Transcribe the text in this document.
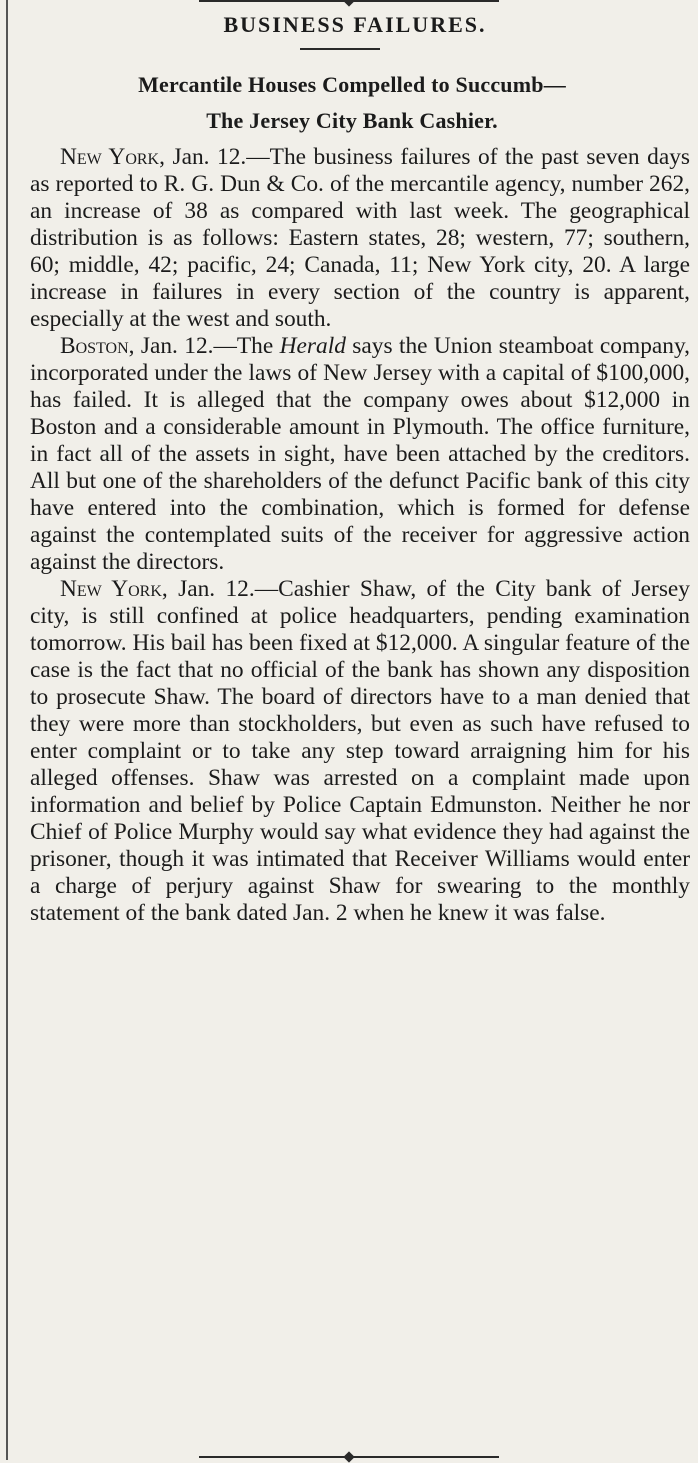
BUSINESS FAILURES.
Mercantile Houses Compelled to Succumb—
The Jersey City Bank Cashier.

New York, Jan. 12.—The business failures of the past seven days as reported to R. G. Dun & Co. of the mercantile agency, number 262, an increase of 38 as compared with last week. The geographical distribution is as follows: Eastern states, 28; western, 77; southern, 60; middle, 42; pacific, 24; Canada, 11; New York city, 20. A large increase in failures in every section of the country is apparent, especially at the west and south.

Boston, Jan. 12.—The Herald says the Union steamboat company, incorporated under the laws of New Jersey with a capital of $100,000, has failed. It is alleged that the company owes about $12,000 in Boston and a considerable amount in Plymouth. The office furniture, in fact all of the assets in sight, have been attached by the creditors. All but one of the shareholders of the defunct Pacific bank of this city have entered into the combination, which is formed for defense against the contemplated suits of the receiver for aggressive action against the directors.

New York, Jan. 12.—Cashier Shaw, of the City bank of Jersey city, is still confined at police headquarters, pending examination tomorrow. His bail has been fixed at $12,000. A singular feature of the case is the fact that no official of the bank has shown any disposition to prosecute Shaw. The board of directors have to a man denied that they were more than stockholders, but even as such have refused to enter complaint or to take any step toward arraigning him for his alleged offenses. Shaw was arrested on a complaint made upon information and belief by Police Captain Edmunston. Neither he nor Chief of Police Murphy would say what evidence they had against the prisoner, though it was intimated that Receiver Williams would enter a charge of perjury against Shaw for swearing to the monthly statement of the bank dated Jan. 2 when he knew it was false.
